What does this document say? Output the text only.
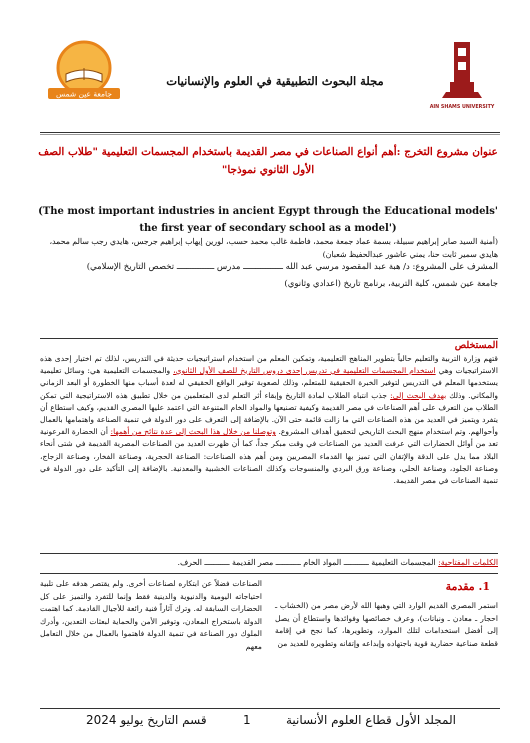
جامعة عين شمس
مجلة البحوث التطبيقية في العلوم والإنسانيات
AIN SHAMS UNIVERSITY
عنوان مشروع التخرج :أهم أنواع الصناعات في مصر القديمة باستخدام المجسمات التعليمية "طلاب الصف الأول الثانوي نموذجا"
(The most important industries in ancient Egypt through the Educational models' the first year of secondary school as a model')
(أمنية السيد صابر إبراهيم سبيلة، بسمة عماد جمعة محمد، فاطمة غالب محمد حسب، لورين إيهاب إبراهيم جرجس، هايدي رجب سالم محمد، هايدي سمير ثابت حنا، يمني عاشور عبدالحفيظ شعبان)
المشرف على المشروع: د/ هبة عبد المقصود مرسي عبد الله ــــــــــــــــ مدرس ـــــــــــــــ تخصص التاريخ الإسلامي)
جامعة عين شمس، كلية التربية، برنامج تاريخ (اعدادي وثانوي)
المستخلص
قتهم وزارة التربية والتعليم حالياً بتطوير المناهج التعليمية، وتمكين المعلم من استخدام استراتيجيات حديثة في التدريس، لذلك تم اختيار إحدى هذه الاستراتيجيات وهي استخدام المجسمات التعليمية في تدريس إحدى دروس التاريخ للصف الأول الثانوي، والمجسمات التعليمية هي: وسائل تعليمية يستخدمها المعلم في التدريس لتوفير الخبرة الحقيقية للمتعلم، وذلك لصعوبة توفير الواقع الحقيقي له لعدة أسباب منها الخطورة أو البعد الزماني والمكاني. وذلك بهدف البحث إلى: جذب انتباه الطلاب لمادة التاريخ وإبقاء أثر التعلم لدى المتعلمين من خلال تطبيق هذه الاستراتيجية التي تمكن الطلاب من التعرف على أهم الصناعات في مصر القديمة وكيفية تصنيعها والمواد الخام المتنوعة التي اعتمد عليها المصري القديم، وكيف استطاع أن يتفرد ويتميز في العديد من هذه الصناعات التي ما زالت قائمة حتى الآن. بالإضافة إلى التعرف على دور الدولة في تنمية الصناعة واهتمامها بالعمال وأحوالهم. وتم استخدام منهج البحث التاريخي لتحقيق أهداف المشروع. وتوصلنا من خلال هذا البحث إلى عدة نتائج من أهمها: أن الحضارة الفرعونية تعد من أوائل الحضارات التي عرفت العديد من الصناعات في وقت مبكر جداً، كما أن ظهرت العديد من الصناعات المصرية القديمة في شتى أنحاء البلاد مما يدل على الدقة والإتقان التي تميز بها القدماء المصريين ومن أهم هذه الصناعات: الصناعة الحجرية، وصناعة الفخار، وصناعة الزجاج، وصناعة الجلود، وصناعة الحلي، وصناعة ورق البردي والمنسوجات وكذلك الصناعات الخشبية والمعدنية. بالإضافة إلى التأكيد على دور الدولة في تنمية الصناعات في مصر القديمة.
الكلمات المفتاحية: المجسمات التعليمية ـــــــــــ المواد الخام ـــــــــــ مصر القديمة ـــــــــــ الحرف.
1. مقدمة
استمر المصري القديم الوارد التي وهبها الله لأرض مصر من (الخشاب ـ احجار ـ معادن ـ ونباتات)، وعرف خصائصها وفوائدها واستطاع أن يصل إلى أفضل استخدامات لتلك الموارد، وتطويرها، كما نجح في إقامة قطعة صناعية حضارية قوية باجتهاده وإبداعه وإتقانه وتطويره للعديد من
الصناعات فضلاً عن ابتكاره لصناعات أخرى. ولم يقتصر هدفه على تلبية احتياجاته اليومية والدنيوية والدينية فقط وإنما للتفرد والتميز على كل الحضارات السابقة له. وترك آثاراً فنية رائعة للأجيال القادمة. كما اهتمت الدولة باستخراج المعادن، وتوفير الأمن والحماية لبعثات التعدين، وأدرك الملوك دور الصناعة في تنمية الدولة فاهتموا بالعمال من خلال التعامل معهم
المجلد الأول قطاع العلوم الأنسانية
1
قسم التاريخ يوليو 2024
